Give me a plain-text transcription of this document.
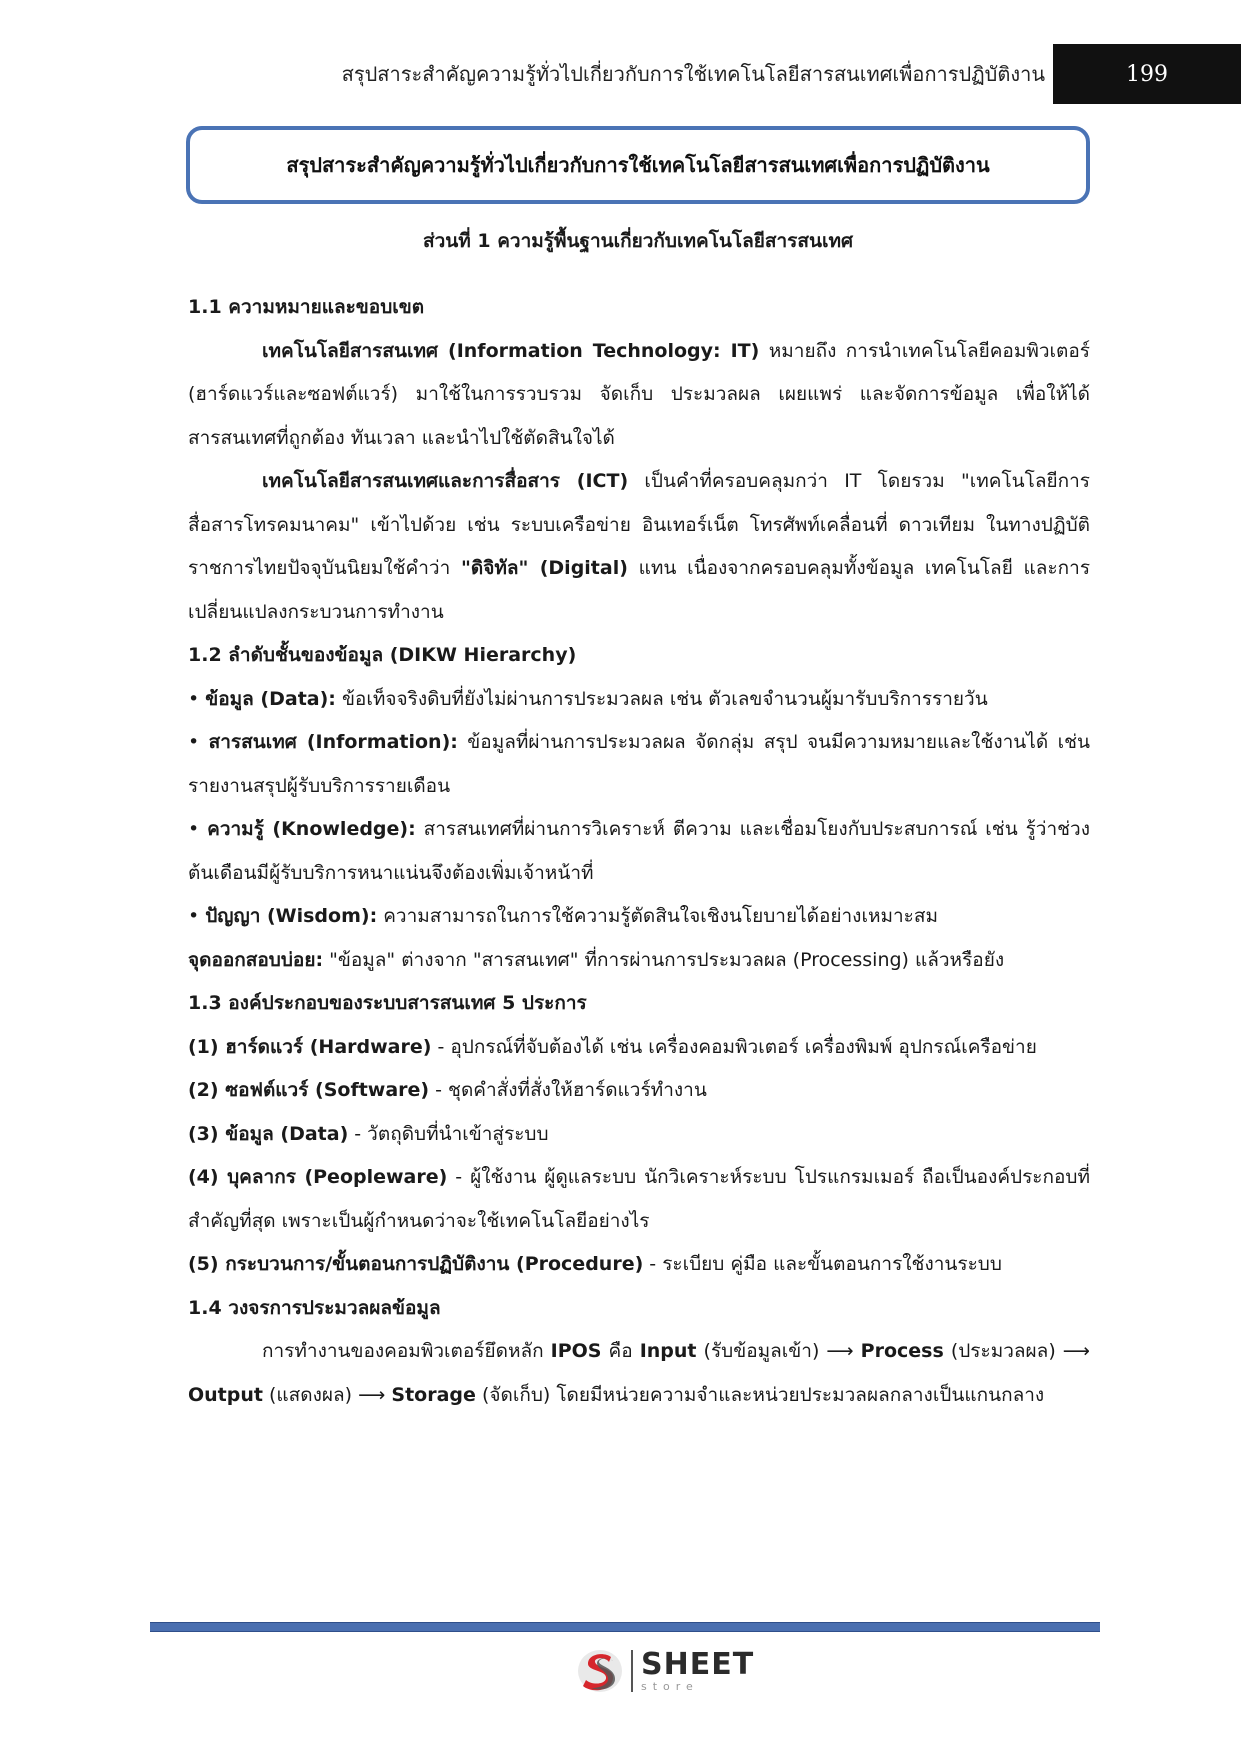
สรุปสาระสำคัญความรู้ทั่วไปเกี่ยวกับการใช้เทคโนโลยีสารสนเทศเพื่อการปฏิบัติงาน	199
สรุปสาระสำคัญความรู้ทั่วไปเกี่ยวกับการใช้เทคโนโลยีสารสนเทศเพื่อการปฏิบัติงาน
ส่วนที่ 1 ความรู้พื้นฐานเกี่ยวกับเทคโนโลยีสารสนเทศ

1.1 ความหมายและขอบเขต

เทคโนโลยีสารสนเทศ (Information Technology: IT) หมายถึง การนำเทคโนโลยีคอมพิวเตอร์ (ฮาร์ดแวร์และซอฟต์แวร์) มาใช้ในการรวบรวม จัดเก็บ ประมวลผล เผยแพร่ และจัดการข้อมูล เพื่อให้ได้สารสนเทศที่ถูกต้อง ทันเวลา และนำไปใช้ตัดสินใจได้

เทคโนโลยีสารสนเทศและการสื่อสาร (ICT) เป็นคำที่ครอบคลุมกว่า IT โดยรวม "เทคโนโลยีการสื่อสารโทรคมนาคม" เข้าไปด้วย เช่น ระบบเครือข่าย อินเทอร์เน็ต โทรศัพท์เคลื่อนที่ ดาวเทียม ในทางปฏิบัติราชการไทยปัจจุบันนิยมใช้คำว่า "ดิจิทัล" (Digital) แทน เนื่องจากครอบคลุมทั้งข้อมูล เทคโนโลยี และการเปลี่ยนแปลงกระบวนการทำงาน

1.2 ลำดับชั้นของข้อมูล (DIKW Hierarchy)

• ข้อมูล (Data): ข้อเท็จจริงดิบที่ยังไม่ผ่านการประมวลผล เช่น ตัวเลขจำนวนผู้มารับบริการรายวัน

• สารสนเทศ (Information): ข้อมูลที่ผ่านการประมวลผล จัดกลุ่ม สรุป จนมีความหมายและใช้งานได้ เช่น รายงานสรุปผู้รับบริการรายเดือน

• ความรู้ (Knowledge): สารสนเทศที่ผ่านการวิเคราะห์ ตีความ และเชื่อมโยงกับประสบการณ์ เช่น รู้ว่าช่วงต้นเดือนมีผู้รับบริการหนาแน่นจึงต้องเพิ่มเจ้าหน้าที่

• ปัญญา (Wisdom): ความสามารถในการใช้ความรู้ตัดสินใจเชิงนโยบายได้อย่างเหมาะสม

จุดออกสอบบ่อย: "ข้อมูล" ต่างจาก "สารสนเทศ" ที่การผ่านการประมวลผล (Processing) แล้วหรือยัง

1.3 องค์ประกอบของระบบสารสนเทศ 5 ประการ

(1) ฮาร์ดแวร์ (Hardware) - อุปกรณ์ที่จับต้องได้ เช่น เครื่องคอมพิวเตอร์ เครื่องพิมพ์ อุปกรณ์เครือข่าย

(2) ซอฟต์แวร์ (Software) - ชุดคำสั่งที่สั่งให้ฮาร์ดแวร์ทำงาน

(3) ข้อมูล (Data) - วัตถุดิบที่นำเข้าสู่ระบบ

(4) บุคลากร (Peopleware) - ผู้ใช้งาน ผู้ดูแลระบบ นักวิเคราะห์ระบบ โปรแกรมเมอร์ ถือเป็นองค์ประกอบที่สำคัญที่สุด เพราะเป็นผู้กำหนดว่าจะใช้เทคโนโลยีอย่างไร

(5) กระบวนการ/ขั้นตอนการปฏิบัติงาน (Procedure) - ระเบียบ คู่มือ และขั้นตอนการใช้งานระบบ

1.4 วงจรการประมวลผลข้อมูล

การทำงานของคอมพิวเตอร์ยึดหลัก IPOS คือ Input (รับข้อมูลเข้า) ⟶ Process (ประมวลผล) ⟶ Output (แสดงผล) ⟶ Storage (จัดเก็บ) โดยมีหน่วยความจำและหน่วยประมวลผลกลางเป็นแกนกลาง

SHEET
store
